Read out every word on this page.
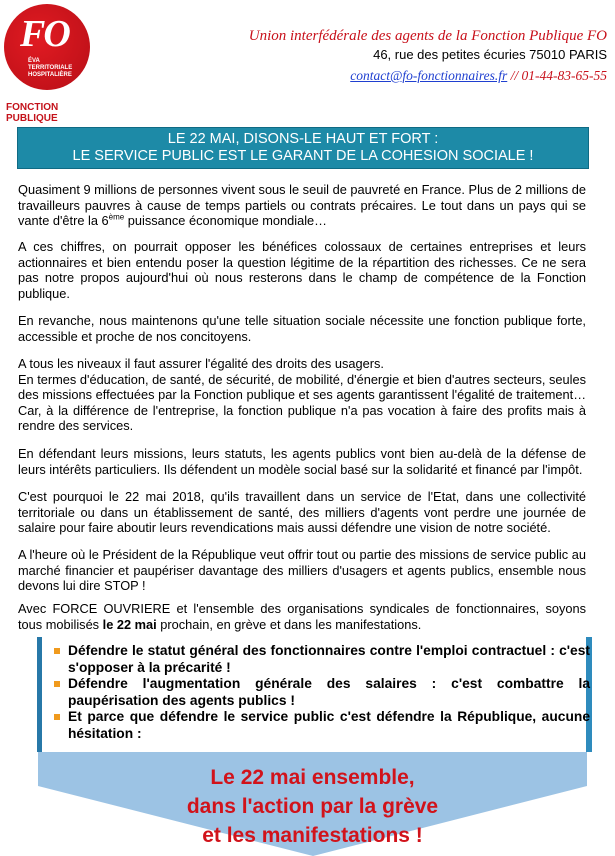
FO
ÉVA
TERRITORIALE
HOSPITALIÈRE
FONCTION PUBLIQUE
Union interfédérale des agents de la Fonction Publique FO
46, rue des petites écuries 75010 PARIS
contact@fo-fonctionnaires.fr // 01-44-83-65-55
LE 22 MAI, DISONS-LE HAUT ET FORT :
LE SERVICE PUBLIC EST LE GARANT DE LA COHESION SOCIALE !
Quasiment 9 millions de personnes vivent sous le seuil de pauvreté en France. Plus de 2 millions de travailleurs pauvres à cause de temps partiels ou contrats précaires. Le tout dans un pays qui se vante d'être la 6ème puissance économique mondiale…
A ces chiffres, on pourrait opposer les bénéfices colossaux de certaines entreprises et leurs actionnaires et bien entendu poser la question légitime de la répartition des richesses. Ce ne sera pas notre propos aujourd'hui où nous resterons dans le champ de compétence de la Fonction publique.
En revanche, nous maintenons qu'une telle situation sociale nécessite une fonction publique forte, accessible et proche de nos concitoyens.
A tous les niveaux il faut assurer l'égalité des droits des usagers.
En termes d'éducation, de santé, de sécurité, de mobilité, d'énergie et bien d'autres secteurs, seules des missions effectuées par la Fonction publique et ses agents garantissent l'égalité de traitement… Car, à la différence de l'entreprise, la fonction publique n'a pas vocation à faire des profits mais à rendre des services.
En défendant leurs missions, leurs statuts, les agents publics vont bien au-delà de la défense de leurs intérêts particuliers. Ils défendent un modèle social basé sur la solidarité et financé par l'impôt.
C'est pourquoi le 22 mai 2018, qu'ils travaillent dans un service de l'Etat, dans une collectivité territoriale ou dans un établissement de santé, des milliers d'agents vont perdre une journée de salaire pour faire aboutir leurs revendications mais aussi défendre une vision de notre société.
A l'heure où le Président de la République veut offrir tout ou partie des missions de service public au marché financier et paupériser davantage des milliers d'usagers et agents publics, ensemble nous devons lui dire STOP !
Avec FORCE OUVRIERE et l'ensemble des organisations syndicales de fonctionnaires, soyons tous mobilisés le 22 mai prochain, en grève et dans les manifestations.
Défendre le statut général des fonctionnaires contre l'emploi contractuel : c'est s'opposer à la précarité !
Défendre l'augmentation générale des salaires : c'est combattre la paupérisation des agents publics !
Et parce que défendre le service public c'est défendre la République, aucune hésitation :
Le 22 mai ensemble,
dans l'action par la grève
et les manifestations !
